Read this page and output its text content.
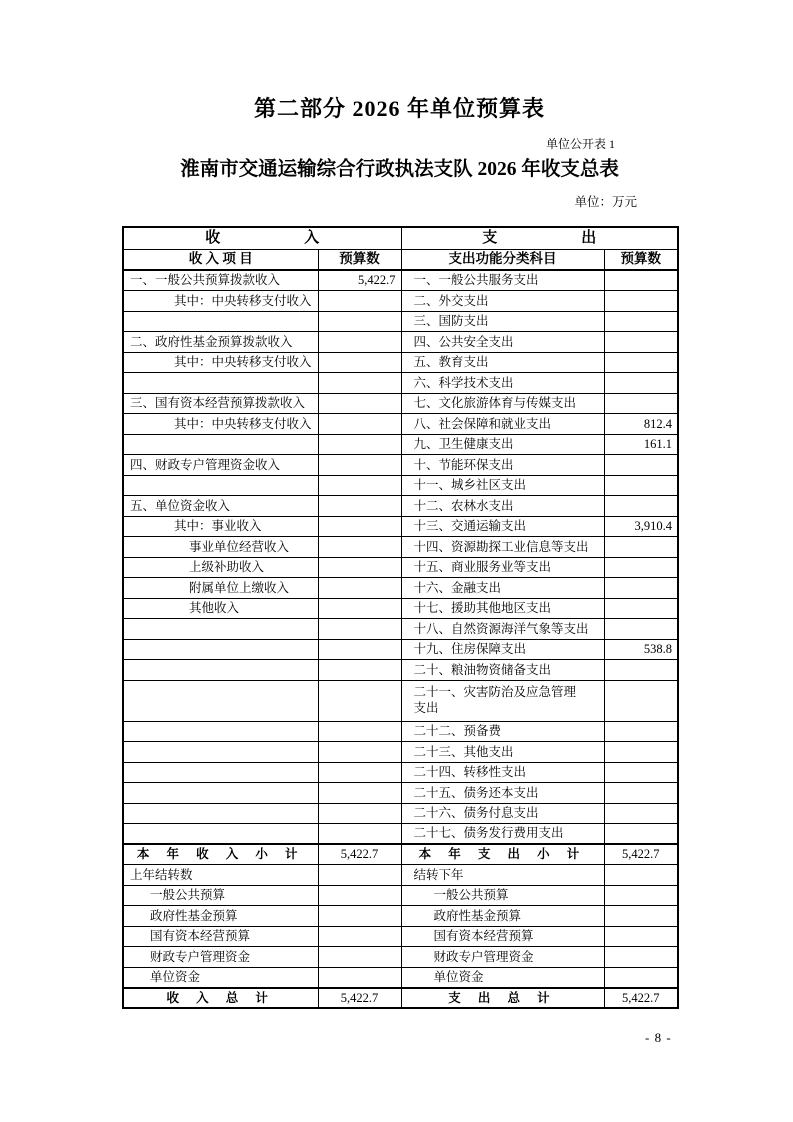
第二部分 2026 年单位预算表
单位公开表 1
淮南市交通运输综合行政执法支队 2026 年收支总表
单位：万元
收 入		支 出	

收 入 项 目	预算数	支出功能分类科目	预算数
一、一般公共预算拨款收入	5,422.7	一、一般公共服务支出	
其中：中央转移支付收入		二、外交支出	
		三、国防支出	
二、政府性基金预算拨款收入		四、公共安全支出	
其中：中央转移支付收入		五、教育支出	
		六、科学技术支出	
三、国有资本经营预算拨款收入		七、文化旅游体育与传媒支出	
其中：中央转移支付收入		八、社会保障和就业支出	812.4
		九、卫生健康支出	161.1
四、财政专户管理资金收入		十、节能环保支出	
		十一、城乡社区支出	
五、单位资金收入		十二、农林水支出	
其中：事业收入		十三、交通运输支出	3,910.4
事业单位经营收入		十四、资源勘探工业信息等支出	
上级补助收入		十五、商业服务业等支出	
附属单位上缴收入		十六、金融支出	
其他收入		十七、援助其他地区支出	
		十八、自然资源海洋气象等支出	
		十九、住房保障支出	538.8
		二十、粮油物资储备支出	
		二十一、灾害防治及应急管理支出	
		二十二、预备费	
		二十三、其他支出	
		二十四、转移性支出	
		二十五、债务还本支出	
		二十六、债务付息支出	
		二十七、债务发行费用支出	
本 年 收 入 小 计	5,422.7	本 年 支 出 小 计	5,422.7
上年结转数		结转下年	
一般公共预算		一般公共预算	
政府性基金预算		政府性基金预算	
国有资本经营预算		国有资本经营预算	
财政专户管理资金		财政专户管理资金	
单位资金		单位资金	
收 入 总 计	5,422.7	支 出 总 计	5,422.7
- 8 -
